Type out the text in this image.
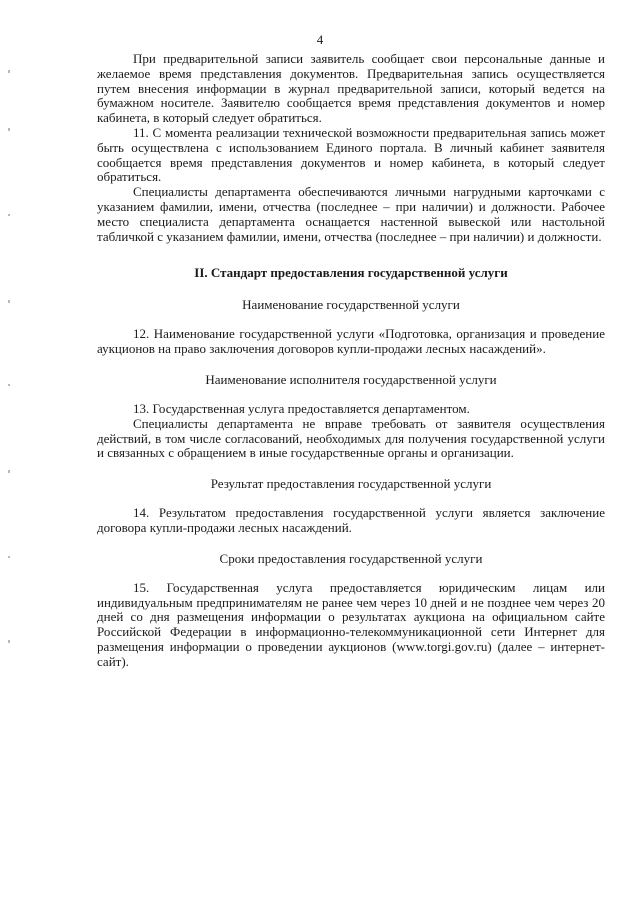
4

При предварительной записи заявитель сообщает свои персональные данные и желаемое время представления документов. Предварительная запись осуществляется путем внесения информации в журнал предварительной записи, который ведется на бумажном носителе. Заявителю сообщается время представления документов и номер кабинета, в который следует обратиться.

11. С момента реализации технической возможности предварительная запись может быть осуществлена с использованием Единого портала. В личный кабинет заявителя сообщается время представления документов и номер кабинета, в который следует обратиться.

Специалисты департамента обеспечиваются личными нагрудными карточками с указанием фамилии, имени, отчества (последнее – при наличии) и должности. Рабочее место специалиста департамента оснащается настенной вывеской или настольной табличкой с указанием фамилии, имени, отчества (последнее – при наличии) и должности.

II. Стандарт предоставления государственной услуги
Наименование государственной услуги

12. Наименование государственной услуги «Подготовка, организация и проведение аукционов на право заключения договоров купли-продажи лесных насаждений».

Наименование исполнителя государственной услуги

13. Государственная услуга предоставляется департаментом.

Специалисты департамента не вправе требовать от заявителя осуществления действий, в том числе согласований, необходимых для получения государственной услуги и связанных с обращением в иные государственные органы и организации.

Результат предоставления государственной услуги

14. Результатом предоставления государственной услуги является заключение договора купли-продажи лесных насаждений.

Сроки предоставления государственной услуги

15. Государственная услуга предоставляется юридическим лицам или индивидуальным предпринимателям не ранее чем через 10 дней и не позднее чем через 20 дней со дня размещения информации о результатах аукциона на официальном сайте Российской Федерации в информационно-телекоммуникационной сети Интернет для размещения информации о проведении аукционов (www.torgi.gov.ru) (далее – интернет-сайт).
